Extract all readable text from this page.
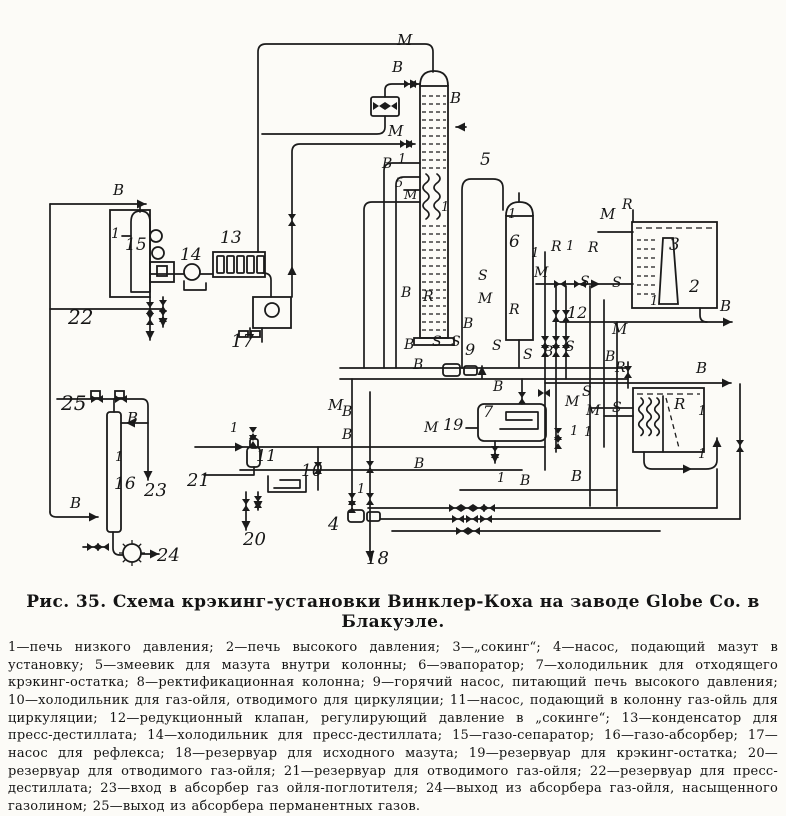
М
В
В
М
В 1	5
5
М
1	1
6
1 R 1 R
S
S
М R
3
2
1	В
М
М
S
R
R	12
М
В
В
В S 9
S S
S В S
В
В
М
В
В	М 19
7
В	S
М
М S
R	В
R
1 1
1
1
В
В
1
1 В
4
18
В
1
15 14
13
22
17
25
В
1
16 23
В
24
21
1
11
10
20
Рис. 35. Схема крэкинг-установки Винклер-Коха на заводе Globe Co. в Блакуэле.
1—печь низкого давления; 2—печь высокого давления; 3—„сокинг“; 4—насос, подающий мазут в установку; 5—змеевик для мазута внутри колонны; 6—эвапоратор; 7—холодильник для отходящего крэкинг-остатка; 8—ректификационная колонна; 9—горячий насос, питающий печь высокого давления; 10—холодильник для газ-ойля, отводимого для циркуляции; 11—насос, подающий в колонну газ-ойль для циркуляции; 12—редукционный клапан, регулирующий давление в „сокинге“; 13—конденсатор для пресс-дестиллата; 14—холодильник для пресс-дестиллата; 15—газо-сепаратор; 16—газо-абсорбер; 17—насос для рефлекса; 18—резервуар для исходного мазута; 19—резервуар для крэкинг-остатка; 20—резервуар для отводимого газ-ойля; 21—резервуар для отводимого газ-ойля; 22—резервуар для пресс-дестиллата; 23—вход в абсорбер газ ойля-поглотителя; 24—выход из абсорбера газ-ойля, насыщенного газолином; 25—выход из абсорбера перманентных газов.
